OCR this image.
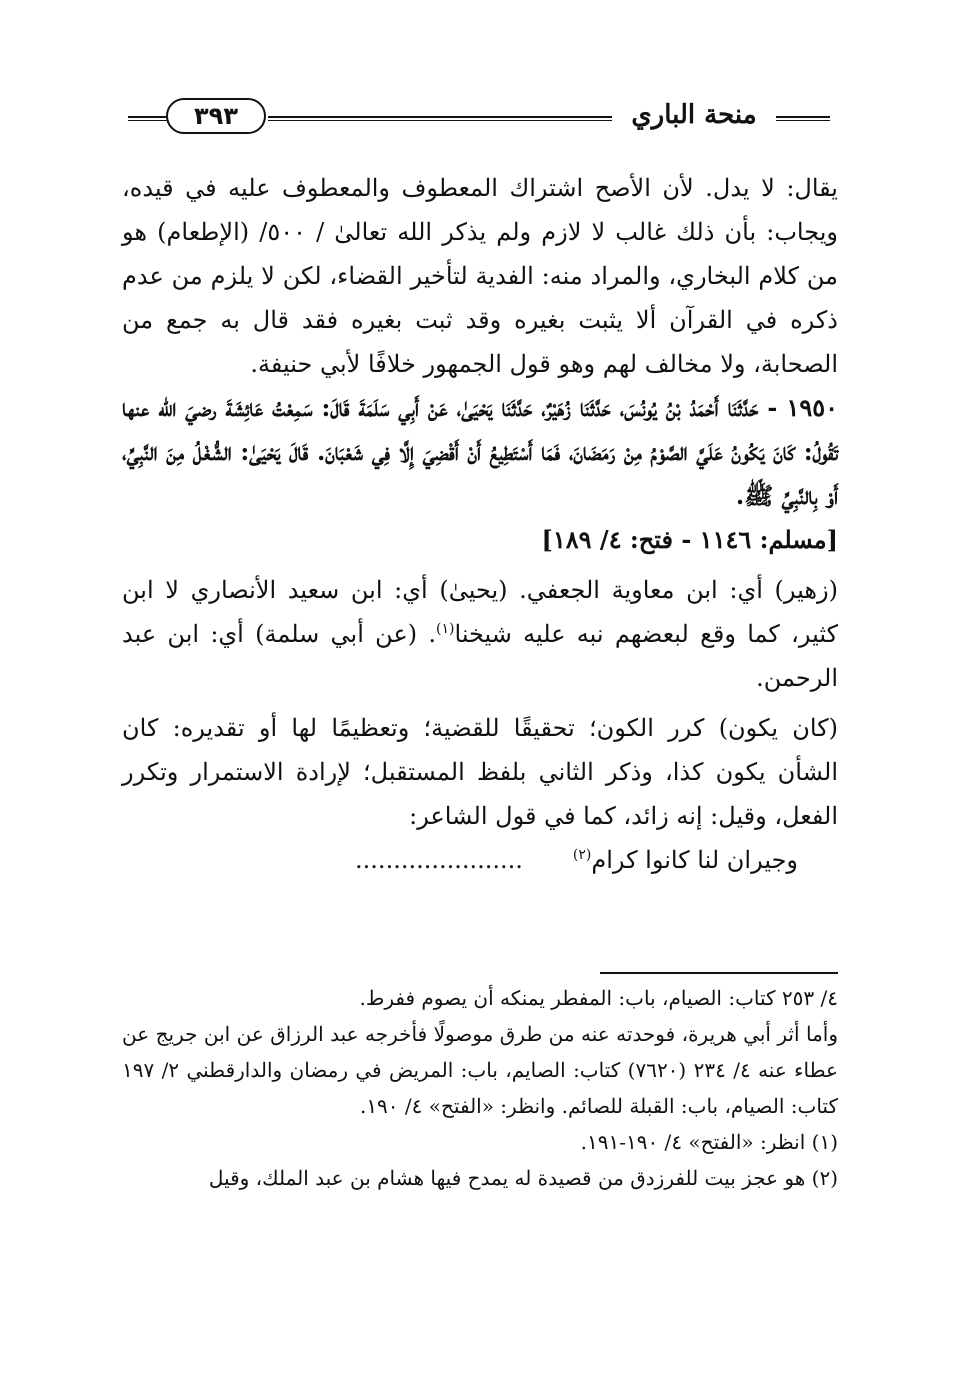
منحة الباري
٣٩٣

يقال: لا يدل. لأن الأصح اشتراك المعطوف والمعطوف عليه في قيده، ويجاب: بأن ذلك غالب لا لازم ولم يذكر الله تعالىٰ / ٥٠٠/ (الإطعام) هو من كلام البخاري، والمراد منه: الفدية لتأخير القضاء، لكن لا يلزم من عدم ذكره في القرآن ألا يثبت بغيره وقد ثبت بغيره فقد قال به جمع من الصحابة، ولا مخالف لهم وهو قول الجمهور خلافًا لأبي حنيفة.

١٩٥٠ - حَدَّثَنَا أَحْمَدُ بْنُ يُونُسَ، حَدَّثَنَا زُهَيْرٌ، حَدَّثَنَا يَحْيَىٰ، عَنْ أَبِي سَلَمَةَ قَالَ: سَمِعْتُ عَائِشَةَ رضيَ الله عنها تَقُولُ: كَانَ يَكُونُ عَلَيَّ الصَّوْمُ مِنْ رَمَضَانَ، فَمَا أَسْتَطِيعُ أَنْ أَقْضِيَ إِلَّا فِي شَعْبَانَ. قَالَ يَحْيَىٰ: الشُّغْلُ مِنَ النَّبِيِّ، أَوْ بِالنَّبِيِّ ﷺ.

[مسلم: ١١٤٦ - فتح: ٤/ ١٨٩]

(زهير) أي: ابن معاوية الجعفي. (يحيىٰ) أي: ابن سعيد الأنصاري لا ابن كثير، كما وقع لبعضهم نبه عليه شيخنا$^{(١)}$. (عن أبي سلمة) أي: ابن عبد الرحمن.

(كان يكون) كرر الكون؛ تحقيقًا للقضية؛ وتعظيمًا لها أو تقديره: كان الشأن يكون كذا، وذكر الثاني بلفظ المستقبل؛ لإرادة الاستمرار وتكرر الفعل، وقيل: إنه زائد، كما في قول الشاعر:

وجيران لنا كانوا كرام$^{(٢)}$......................

٤/ ٢٥٣ كتاب: الصيام، باب: المفطر يمنكه أن يصوم ففرط.

وأما أثر أبي هريرة، فوحدته عنه من طرق موصولًا فأخرجه عبد الرزاق عن ابن جريج عن عطاء عنه ٤/ ٢٣٤ (٧٦٢٠) كتاب: الصايم، باب: المريض في رمضان والدارقطني ٢/ ١٩٧ كتاب: الصيام، باب: القبلة للصائم. وانظر: «الفتح» ٤/ ١٩٠.

(١) انظر: «الفتح» ٤/ ١٩٠-١٩١.

(٢) هو عجز بيت للفرزدق من قصيدة له يمدح فيها هشام بن عبد الملك، وقيل
